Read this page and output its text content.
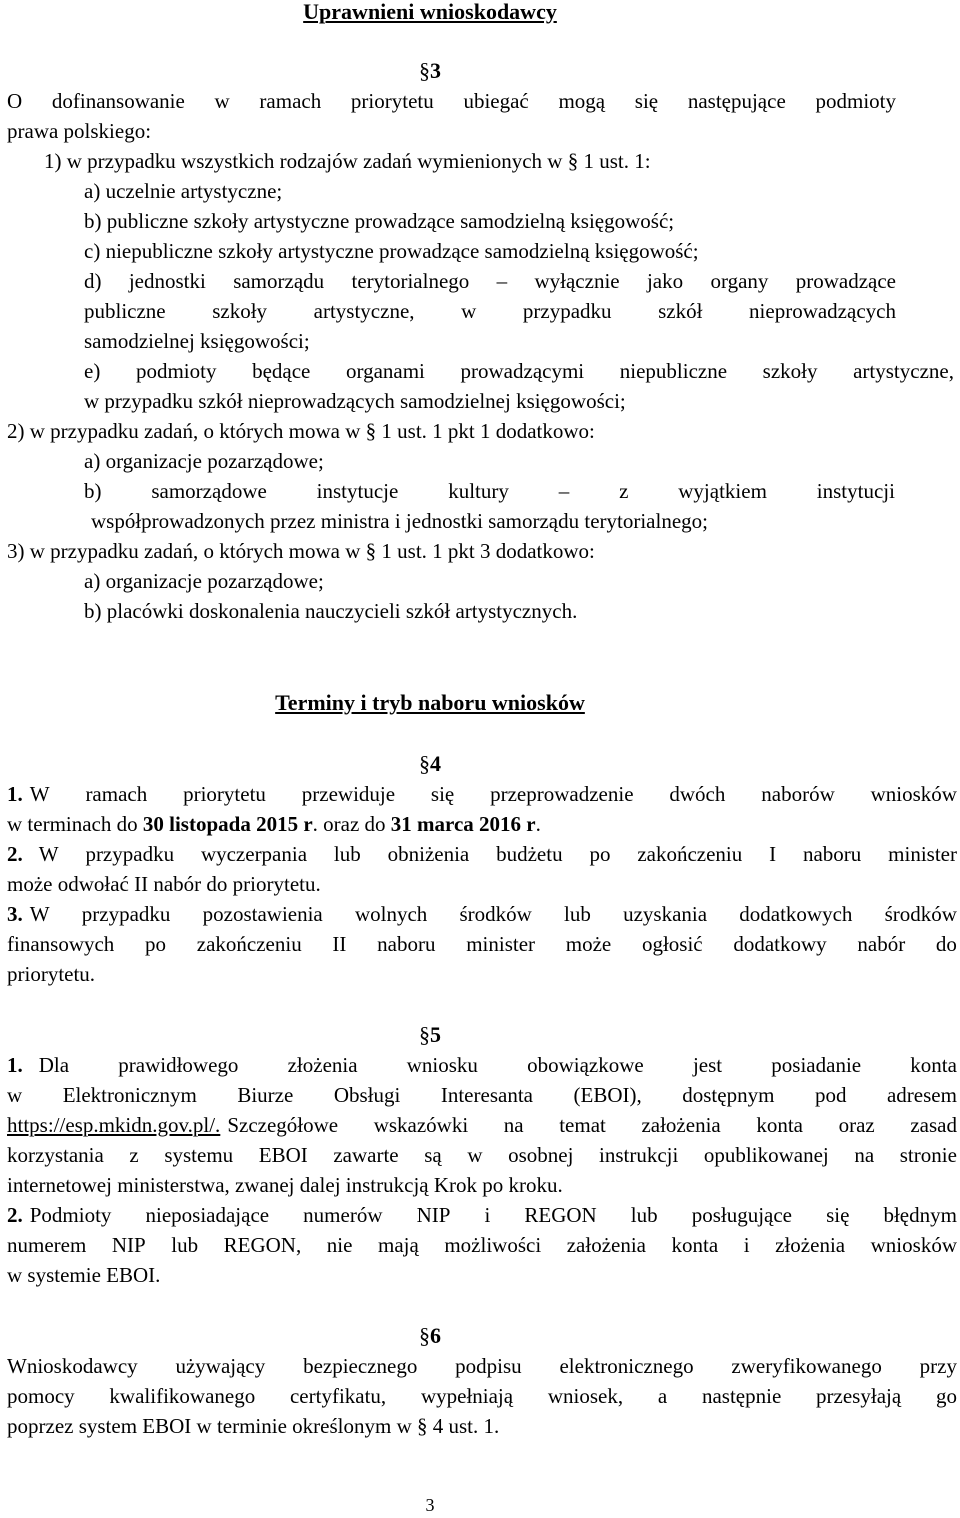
Uprawnieni wnioskodawcy
§3
O dofinansowanie w ramach priorytetu ubiegać mogą się następujące podmioty
prawa polskiego:
1) w przypadku wszystkich rodzajów zadań wymienionych w § 1 ust. 1:
a) uczelnie artystyczne;
b) publiczne szkoły artystyczne prowadzące samodzielną księgowość;
c) niepubliczne szkoły artystyczne prowadzące samodzielną księgowość;
d) jednostki samorządu terytorialnego – wyłącznie jako organy prowadzące
publiczne szkoły artystyczne, w przypadku szkół nieprowadzących
samodzielnej księgowości;
e) podmioty będące organami prowadzącymi niepubliczne szkoły artystyczne,
w przypadku szkół nieprowadzących samodzielnej księgowości;
2) w przypadku zadań, o których mowa w § 1 ust. 1 pkt 1 dodatkowo:
a) organizacje pozarządowe;
b) samorządowe instytucje kultury – z wyjątkiem instytucji
współprowadzonych przez ministra i jednostki samorządu terytorialnego;
3) w przypadku zadań, o których mowa w § 1 ust. 1 pkt 3 dodatkowo:
a) organizacje pozarządowe;
b) placówki doskonalenia nauczycieli szkół artystycznych.
Terminy i tryb naboru wniosków
§4
1. W ramach priorytetu przewiduje się przeprowadzenie dwóch naborów wniosków
w terminach do 30 listopada 2015 r. oraz do 31 marca 2016 r.
2. W przypadku wyczerpania lub obniżenia budżetu po zakończeniu I naboru minister
może odwołać II nabór do priorytetu.
3. W przypadku pozostawienia wolnych środków lub uzyskania dodatkowych środków
finansowych po zakończeniu II naboru minister może ogłosić dodatkowy nabór do
priorytetu.
§5
1. Dla prawidłowego złożenia wniosku obowiązkowe jest posiadanie konta
w Elektronicznym Biurze Obsługi Interesanta (EBOI), dostępnym pod adresem
https://esp.mkidn.gov.pl/. Szczegółowe wskazówki na temat założenia konta oraz zasad
korzystania z systemu EBOI zawarte są w osobnej instrukcji opublikowanej na stronie
internetowej ministerstwa, zwanej dalej instrukcją Krok po kroku.
2. Podmioty nieposiadające numerów NIP i REGON lub posługujące się błędnym
numerem NIP lub REGON, nie mają możliwości założenia konta i złożenia wniosków
w systemie EBOI.
§6
Wnioskodawcy używający bezpiecznego podpisu elektronicznego zweryfikowanego przy
pomocy kwalifikowanego certyfikatu, wypełniają wniosek, a następnie przesyłają go
poprzez system EBOI w terminie określonym w § 4 ust. 1.
3
